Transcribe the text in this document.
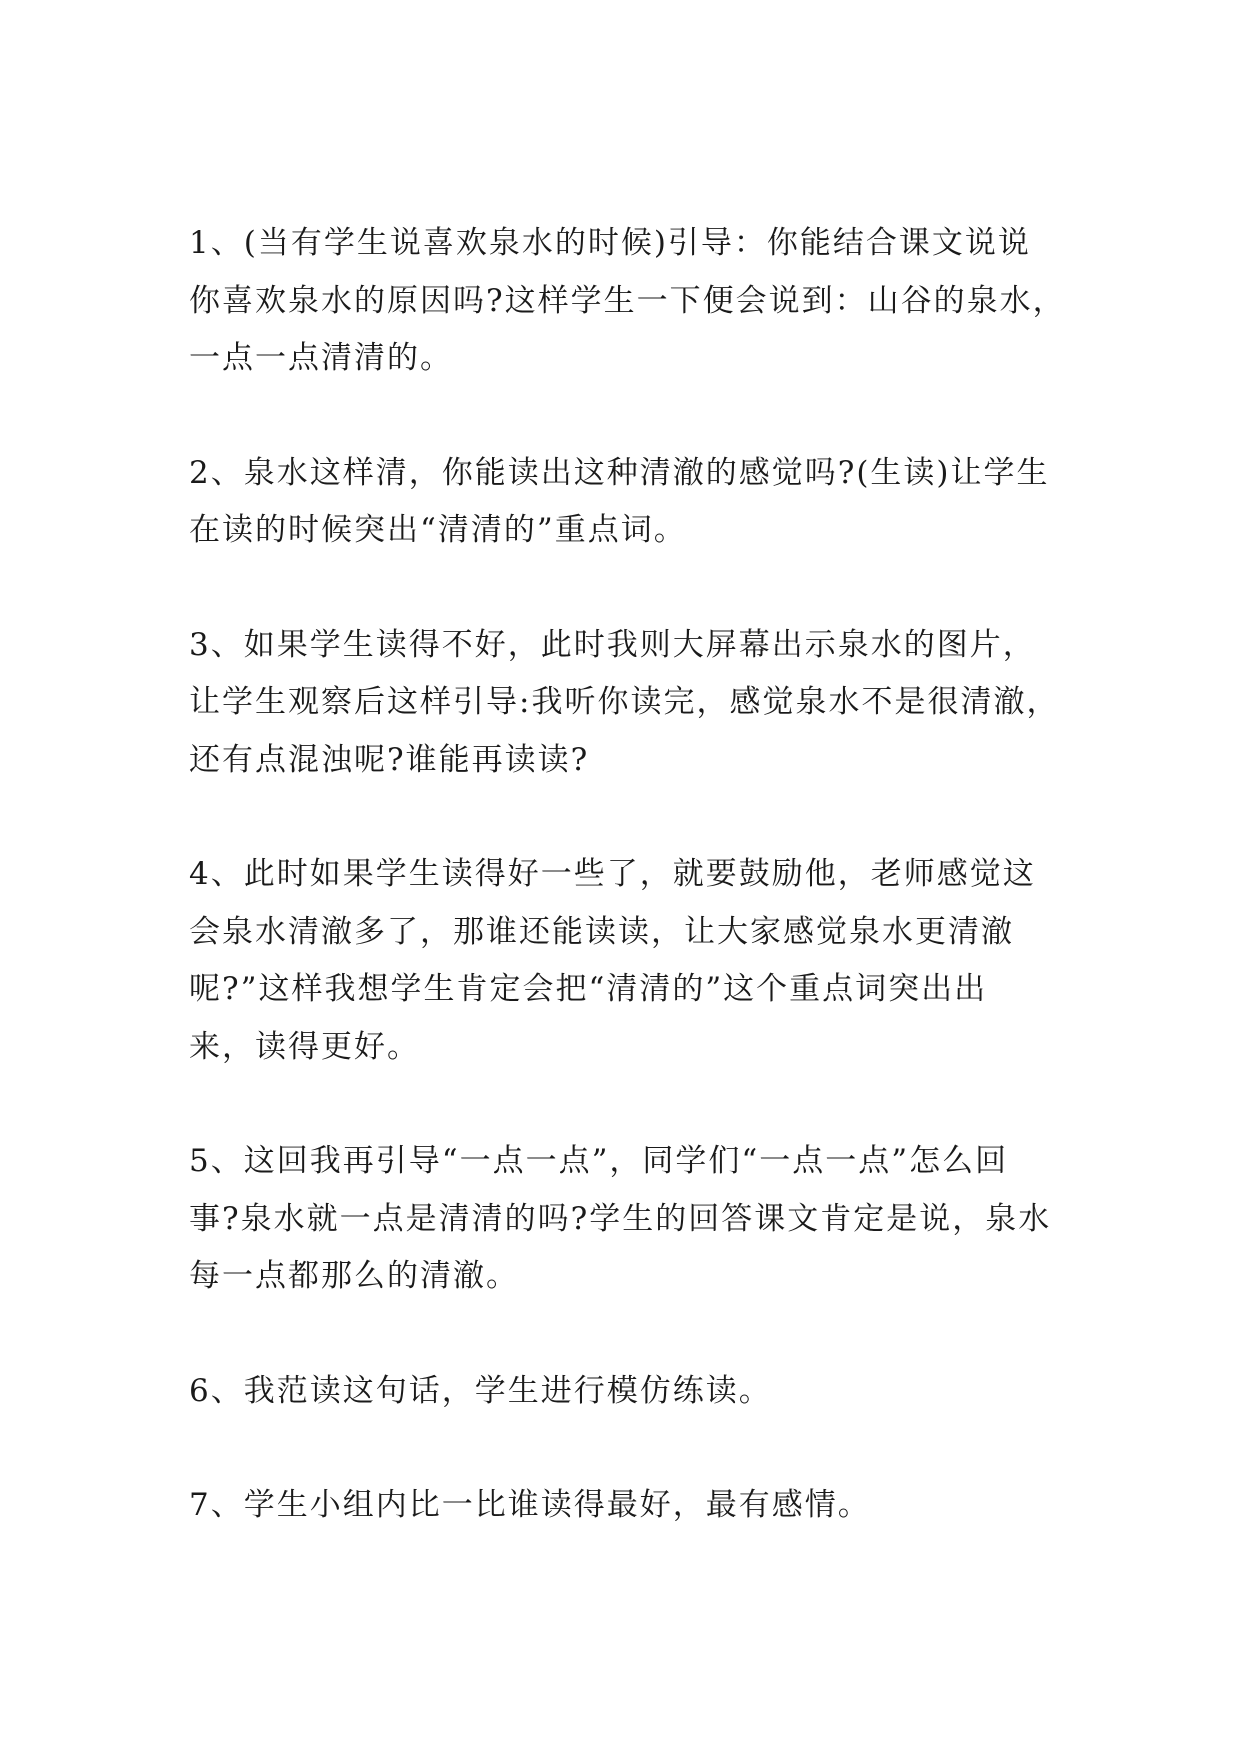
1、(当有学生说喜欢泉水的时候)引导：你能结合课文说说
你喜欢泉水的原因吗?这样学生一下便会说到：山谷的泉水，
一点一点清清的。

2、泉水这样清，你能读出这种清澈的感觉吗?(生读)让学生
在读的时候突出“清清的”重点词。

3、如果学生读得不好，此时我则大屏幕出示泉水的图片，
让学生观察后这样引导:我听你读完，感觉泉水不是很清澈，
还有点混浊呢?谁能再读读?

4、此时如果学生读得好一些了，就要鼓励他，老师感觉这
会泉水清澈多了，那谁还能读读，让大家感觉泉水更清澈
呢?”这样我想学生肯定会把“清清的”这个重点词突出出
来，读得更好。

5、这回我再引导“一点一点”，同学们“一点一点”怎么回
事?泉水就一点是清清的吗?学生的回答课文肯定是说，泉水
每一点都那么的清澈。

6、我范读这句话，学生进行模仿练读。

7、学生小组内比一比谁读得最好，最有感情。
